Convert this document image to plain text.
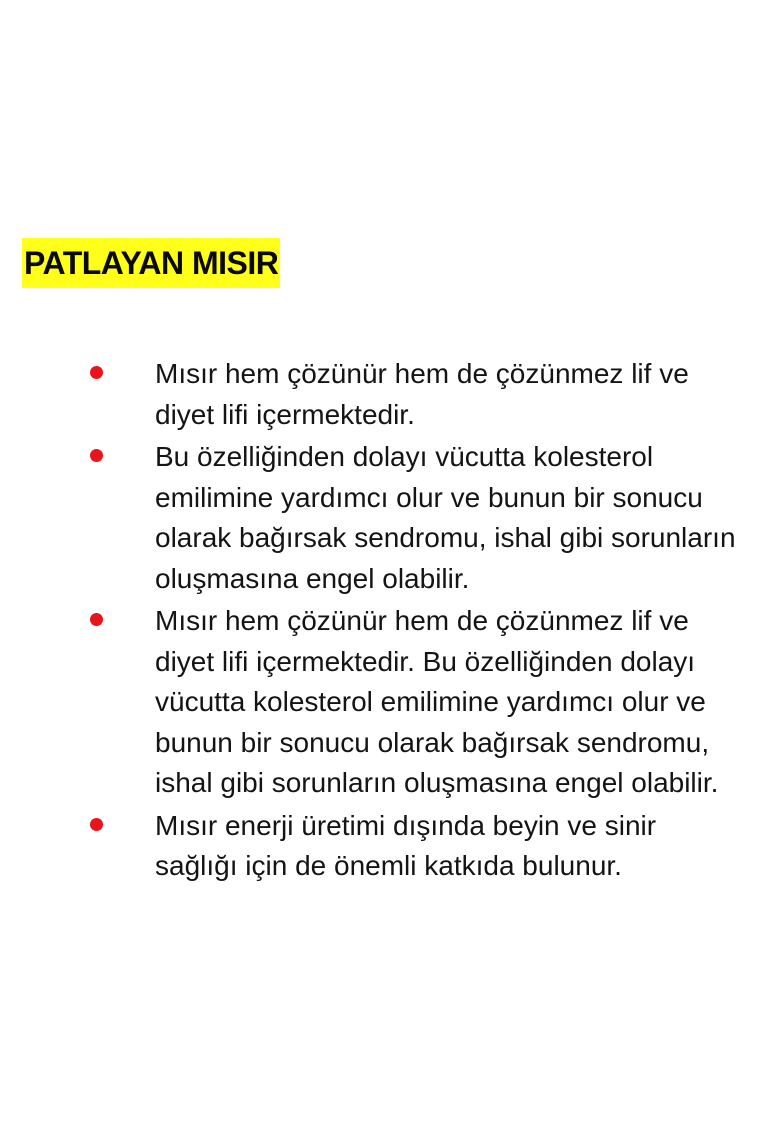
PATLAYAN MISIR
Mısır hem çözünür hem de çözünmez lif ve diyet lifi içermektedir.
Bu özelliğinden dolayı vücutta kolesterol emilimine yardımcı olur ve bunun bir sonucu olarak bağırsak sendromu, ishal gibi sorunların oluşmasına engel olabilir.
Mısır hem çözünür hem de çözünmez lif ve diyet lifi içermektedir. Bu özelliğinden dolayı vücutta kolesterol emilimine yardımcı olur ve bunun bir sonucu olarak bağırsak sendromu, ishal gibi sorunların oluşmasına engel olabilir.
Mısır enerji üretimi dışında beyin ve sinir sağlığı için de önemli katkıda bulunur.
